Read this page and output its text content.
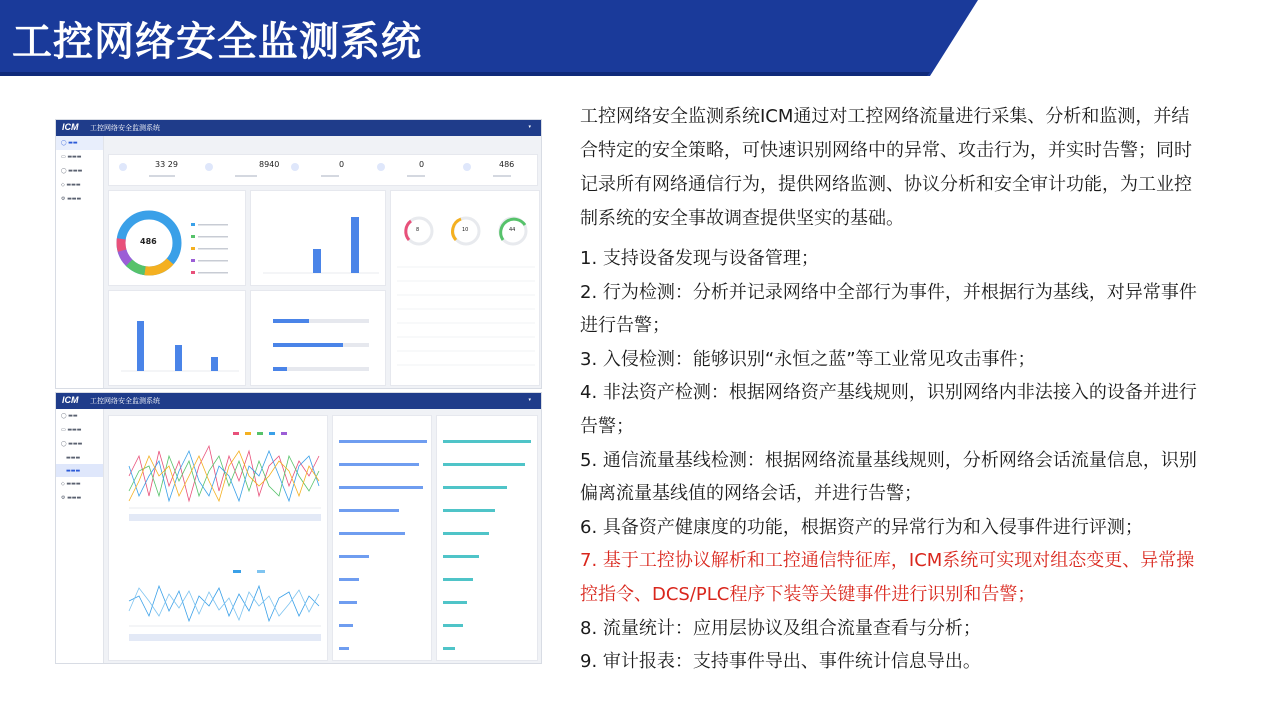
工控网络安全监测系统
ICM 工控网络安全监测系统	▾
◯ ▬▬
▭ ▬▬▬
◯ ▬▬▬
◇ ▬▬▬
⚙ ▬▬▬
33 29	8940	0	0	486
486
8	10	44
ICM 工控网络安全监测系统	▾
◯ ▬▬
▭ ▬▬▬
◯ ▬▬▬
▬▬▬
▬▬▬
◇ ▬▬▬
⚙ ▬▬▬

工控网络安全监测系统ICM通过对工控网络流量进行采集、分析和监测，并结合特定的安全策略，可快速识别网络中的异常、攻击行为，并实时告警；同时记录所有网络通信行为，提供网络监测、协议分析和安全审计功能，为工业控制系统的安全事故调查提供坚实的基础。

1. 支持设备发现与设备管理；

2. 行为检测：分析并记录网络中全部行为事件，并根据行为基线，对异常事件进行告警；

3. 入侵检测：能够识别“永恒之蓝”等工业常见攻击事件；

4. 非法资产检测：根据网络资产基线规则，识别网络内非法接入的设备并进行告警；

5. 通信流量基线检测：根据网络流量基线规则，分析网络会话流量信息，识别偏离流量基线值的网络会话，并进行告警；

6. 具备资产健康度的功能，根据资产的异常行为和入侵事件进行评测；

7. 基于工控协议解析和工控通信特征库，ICM系统可实现对组态变更、异常操控指令、DCS/PLC程序下装等关键事件进行识别和告警；

8. 流量统计：应用层协议及组合流量查看与分析；

9. 审计报表：支持事件导出、事件统计信息导出。
